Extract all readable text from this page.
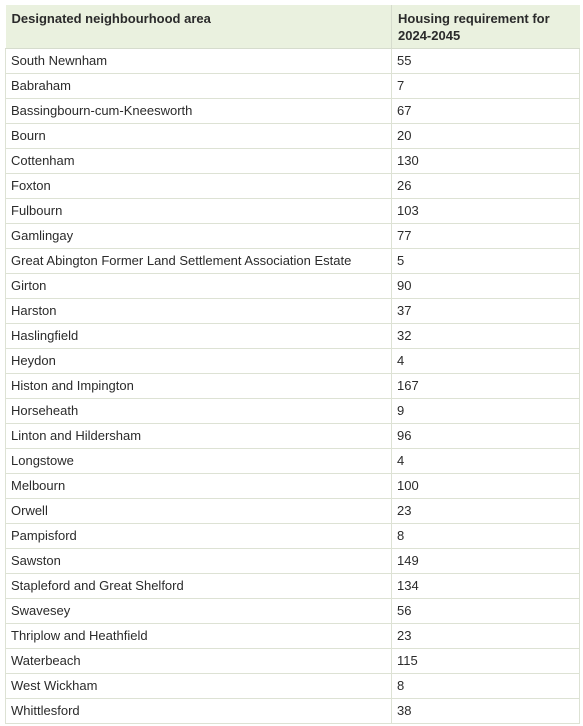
Designated neighbourhood area	Housing requirement for 2024-2045
South Newnham	55
Babraham	7
Bassingbourn-cum-Kneesworth	67
Bourn	20
Cottenham	130
Foxton	26
Fulbourn	103
Gamlingay	77
Great Abington Former Land Settlement Association Estate	5
Girton	90
Harston	37
Haslingfield	32
Heydon	4
Histon and Impington	167
Horseheath	9
Linton and Hildersham	96
Longstowe	4
Melbourn	100
Orwell	23
Pampisford	8
Sawston	149
Stapleford and Great Shelford	134
Swavesey	56
Thriplow and Heathfield	23
Waterbeach	115
West Wickham	8
Whittlesford	38
